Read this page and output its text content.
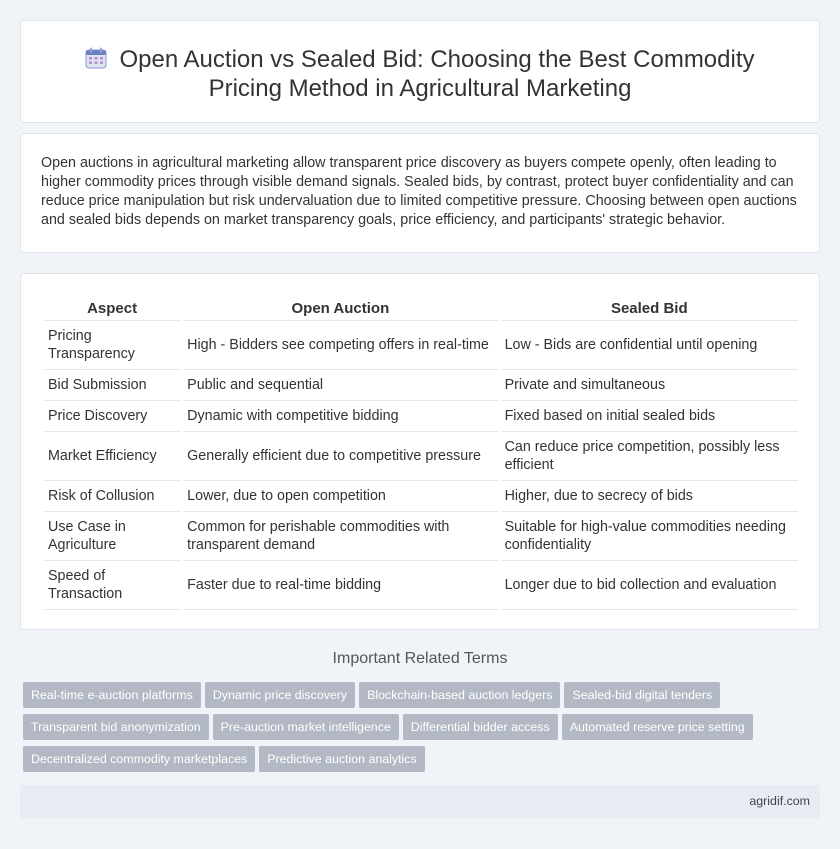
Open Auction vs Sealed Bid: Choosing the Best Commodity
Pricing Method in Agricultural Marketing

Open auctions in agricultural marketing allow transparent price discovery as buyers compete openly, often leading to higher commodity prices through visible demand signals. Sealed bids, by contrast, protect buyer confidentiality and can reduce price manipulation but risk undervaluation due to limited competitive pressure. Choosing between open auctions and sealed bids depends on market transparency goals, price efficiency, and participants' strategic behavior.

Aspect	Open Auction	Sealed Bid
Pricing Transparency	High - Bidders see competing offers in real-time	Low - Bids are confidential until opening
Bid Submission	Public and sequential	Private and simultaneous
Price Discovery	Dynamic with competitive bidding	Fixed based on initial sealed bids
Market Efficiency	Generally efficient due to competitive pressure	Can reduce price competition, possibly less efficient
Risk of Collusion	Lower, due to open competition	Higher, due to secrecy of bids
Use Case in Agriculture	Common for perishable commodities with transparent demand	Suitable for high-value commodities needing confidentiality
Speed of Transaction	Faster due to real-time bidding	Longer due to bid collection and evaluation
Important Related Terms
Real-time e-auction platforms Dynamic price discovery Blockchain-based auction ledgers Sealed-bid digital tenders
Transparent bid anonymization Pre-auction market intelligence Differential bidder access Automated reserve price setting
Decentralized commodity marketplaces Predictive auction analytics
agridif.com
